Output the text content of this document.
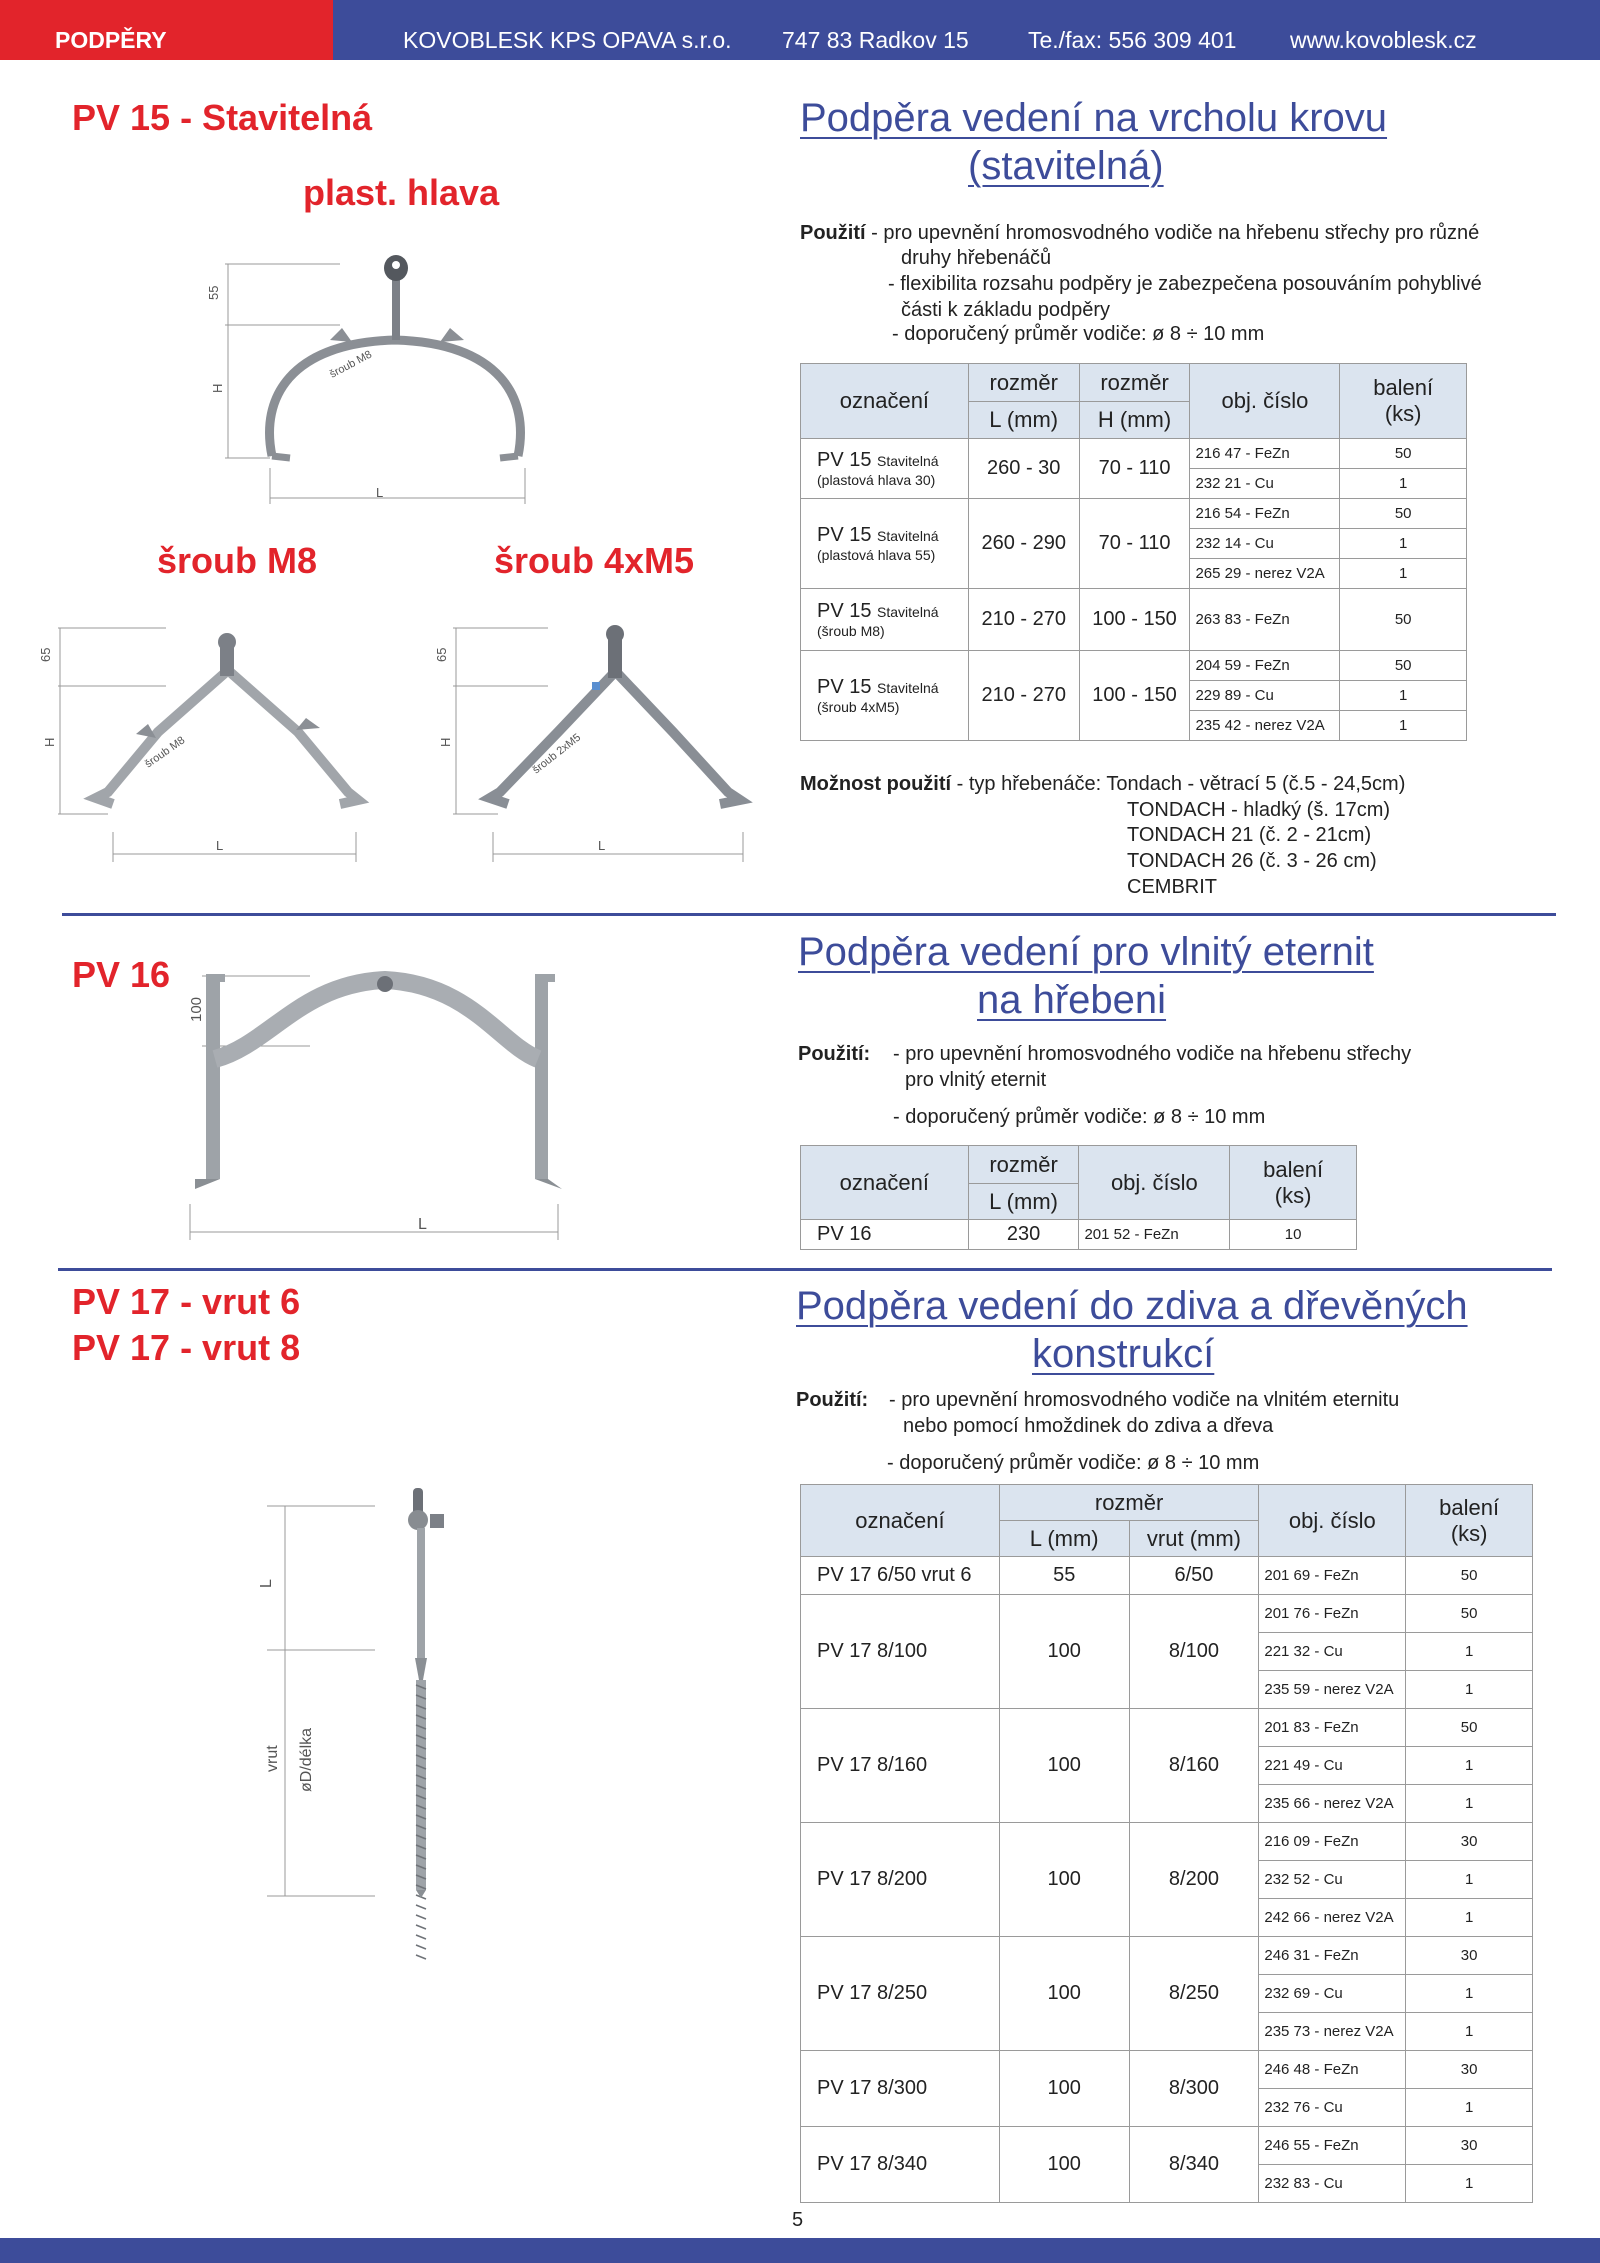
PODPĚRY	KOVOBLESK KPS OPAVA s.r.o. 747 83 Radkov 15	Te./fax: 556 309 401 www.kovoblesk.cz
PV 15 - Stavitelná
plast. hlava
šroub M8	šroub 4xM5
55
H
L
šroub M8
65
H
L
šroub M8
65
H
L
šroub 2xM5
Podpěra vedení na vrcholu krovu
(stavitelná)
Použití
: - pro upevnění hromosvodného vodiče na hřebenu střechy pro různé
druhy hřebenáčů
- flexibilita rozsahu podpěry je zabezpečena posouváním pohyblivé
části k základu podpěry
- doporučený průměr vodiče: ø 8 ÷ 10 mm
označení	rozměr	rozměr	obj. číslo	balení
(ks)
	L (mm)	H (mm)		
PV 15 Stavitelná
(plastová hlava 30)	260 - 30	70 - 110	216 47 - FeZn	50
			232 21 - Cu	1
PV 15 Stavitelná
(plastová hlava 55)	260 - 290	70 - 110	216 54 - FeZn	50
			232 14 - Cu	1
			265 29 - nerez V2A	1
PV 15 Stavitelná
(šroub M8)	210 - 270	100 - 150	263 83 - FeZn	50
PV 15 Stavitelná
(šroub 4xM5)	210 - 270	100 - 150	204 59 - FeZn	50
			229 89 - Cu	1
			235 42 - nerez V2A	1
Možnost použití - typ hřebenáče: Tondach - větrací 5 (č.5 - 24,5cm)
TONDACH - hladký (š. 17cm)
TONDACH 21 (č. 2 - 21cm)
TONDACH 26 (č. 3 - 26 cm)
CEMBRIT
PV 16
100
L
Podpěra vedení pro vlnitý eternit
na hřebeni
Použití: - pro upevnění hromosvodného vodiče na hřebenu střechy
pro vlnitý eternit
- doporučený průměr vodiče: ø 8 ÷ 10 mm
označení	rozměr	obj. číslo	balení
(ks)
	L (mm)		
PV 16	230	201 52 - FeZn	10
PV 17 - vrut 6
PV 17 - vrut 8
L
vrut øD/délka
Podpěra vedení do zdiva a dřevěných
konstrukcí
Použití: - pro upevnění hromosvodného vodiče na vlnitém eternitu
nebo pomocí hmoždinek do zdiva a dřeva
- doporučený průměr vodiče: ø 8 ÷ 10 mm
označení	rozměr		obj. číslo	balení
(ks)
	L (mm)	vrut (mm)		
PV 17 6/50 vrut 6	55	6/50	201 69 - FeZn	50
PV 17 8/100	100	8/100	201 76 - FeZn	50
			221 32 - Cu	1
			235 59 - nerez V2A	1
PV 17 8/160	100	8/160	201 83 - FeZn	50
			221 49 - Cu	1
			235 66 - nerez V2A	1
PV 17 8/200	100	8/200	216 09 - FeZn	30
			232 52 - Cu	1
			242 66 - nerez V2A	1
PV 17 8/250	100	8/250	246 31 - FeZn	30
			232 69 - Cu	1
			235 73 - nerez V2A	1
PV 17 8/300	100	8/300	246 48 - FeZn	30
			232 76 - Cu	1
PV 17 8/340	100	8/340	246 55 - FeZn	30
			232 83 - Cu	1
5
